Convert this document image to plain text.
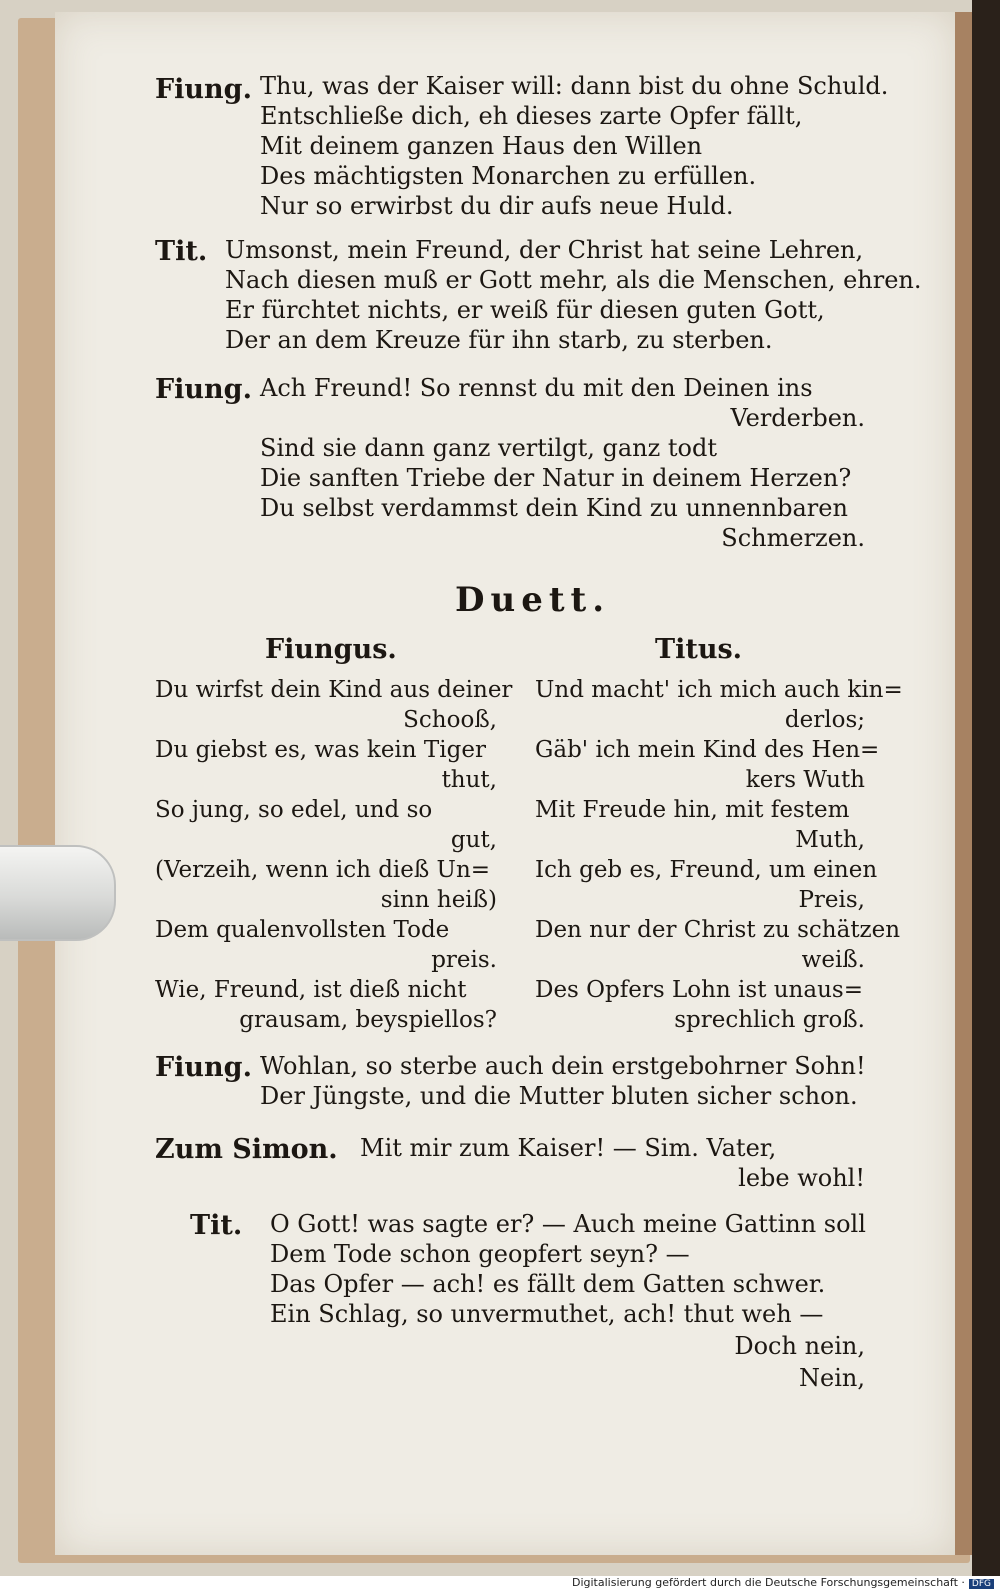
Fiung. Thu, was der Kaiser will: dann bist du ohne Schuld.
Entschließe dich, eh dieses zarte Opfer fällt,
Mit deinem ganzen Haus den Willen
Des mächtigsten Monarchen zu erfüllen.
Nur so erwirbst du dir aufs neue Huld.
Tit. Umsonst, mein Freund, der Christ hat seine Lehren,
Nach diesen muß er Gott mehr, als die Menschen, ehren.
Er fürchtet nichts, er weiß für diesen guten Gott,
Der an dem Kreuze für ihn starb, zu sterben.
Fiung. Ach Freund! So rennst du mit den Deinen ins
Verderben.
Sind sie dann ganz vertilgt, ganz todt
Die sanften Triebe der Natur in deinem Herzen?
Du selbst verdammst dein Kind zu unnennbaren
Schmerzen.
Duett.
Fiungus.	Titus.
Du wirfst dein Kind aus deiner
Schooß,
Du giebst es, was kein Tiger
thut,
So jung, so edel, und so
gut,
(Verzeih, wenn ich dieß Un=
sinn heiß)
Dem qualenvollsten Tode
preis.
Wie, Freund, ist dieß nicht
grausam, beyspiellos?
Und macht' ich mich auch kin=
derlos;
Gäb' ich mein Kind des Hen=
kers Wuth
Mit Freude hin, mit festem
Muth,
Ich geb es, Freund, um einen
Preis,
Den nur der Christ zu schätzen
weiß.
Des Opfers Lohn ist unaus=
sprechlich groß.
Fiung. Wohlan, so sterbe auch dein erstgebohrner Sohn!
Der Jüngste, und die Mutter bluten sicher schon.
Zum Simon. Mit mir zum Kaiser! — Sim. Vater,
lebe wohl!
Tit. O Gott! was sagte er? — Auch meine Gattinn soll
Dem Tode schon geopfert seyn? —
Das Opfer — ach! es fällt dem Gatten schwer.
Ein Schlag, so unvermuthet, ach! thut weh —
Doch nein,
Nein,
Digitalisierung gefördert durch die Deutsche Forschungsgemeinschaft · DFG
